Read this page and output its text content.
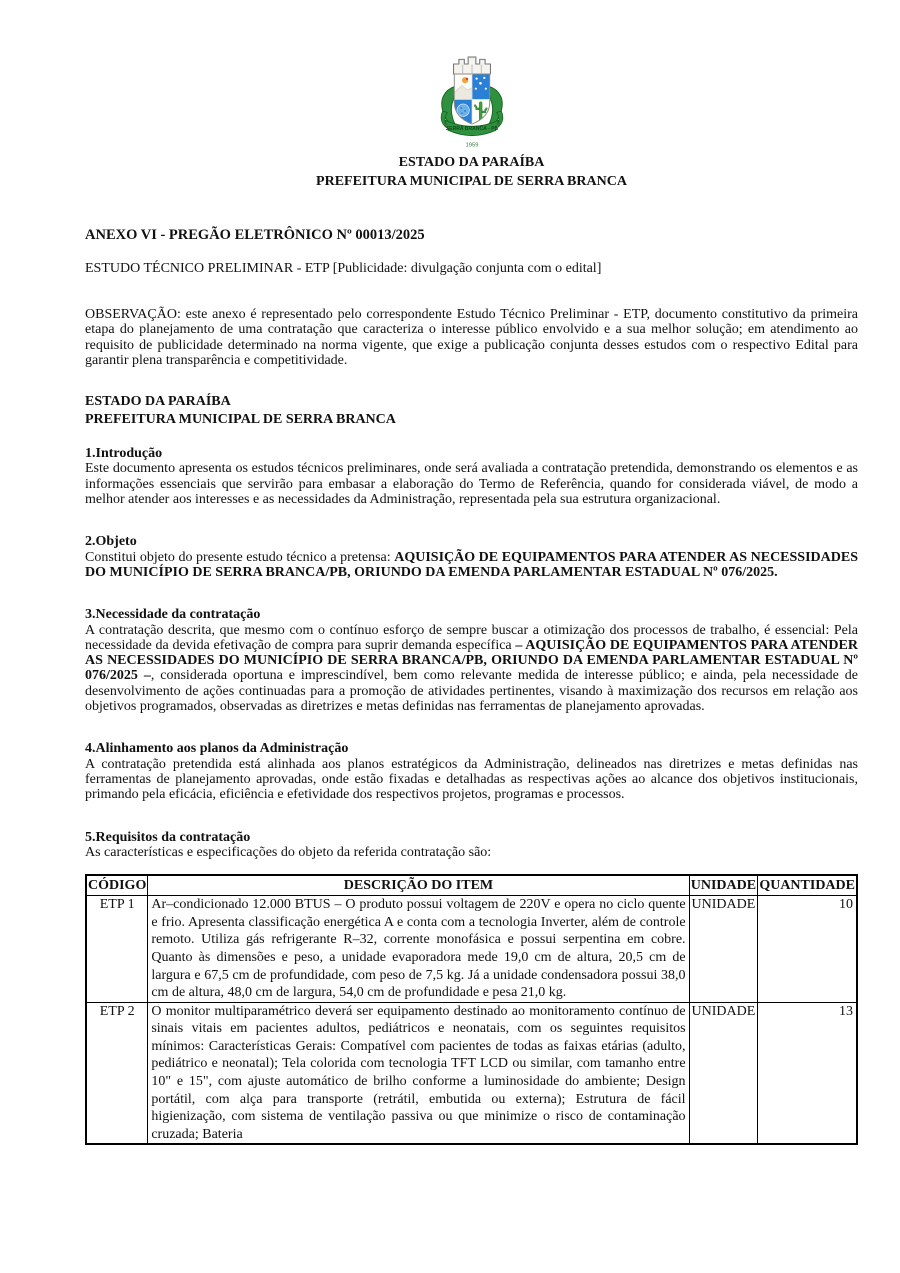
SERRA BRANCA - PB
1959
ESTADO DA PARAÍBA
PREFEITURA MUNICIPAL DE SERRA BRANCA
ANEXO VI - PREGÃO ELETRÔNICO Nº 00013/2025

ESTUDO TÉCNICO PRELIMINAR - ETP [Publicidade: divulgação conjunta com o edital]

OBSERVAÇÃO: este anexo é representado pelo correspondente Estudo Técnico Preliminar - ETP, documento constitutivo da primeira etapa do planejamento de uma contratação que caracteriza o interesse público envolvido e a sua melhor solução; em atendimento ao requisito de publicidade determinado na norma vigente, que exige a publicação conjunta desses estudos com o respectivo Edital para garantir plena transparência e competitividade.

ESTADO DA PARAÍBA
PREFEITURA MUNICIPAL DE SERRA BRANCA
1.Introdução

Este documento apresenta os estudos técnicos preliminares, onde será avaliada a contratação pretendida, demonstrando os elementos e as informações essenciais que servirão para embasar a elaboração do Termo de Referência, quando for considerada viável, de modo a melhor atender aos interesses e as necessidades da Administração, representada pela sua estrutura organizacional.

2.Objeto

Constitui objeto do presente estudo técnico a pretensa: AQUISIÇÃO DE EQUIPAMENTOS PARA ATENDER AS NECESSIDADES DO MUNICÍPIO DE SERRA BRANCA/PB, ORIUNDO DA EMENDA PARLAMENTAR ESTADUAL Nº 076/2025.

3.Necessidade da contratação

A contratação descrita, que mesmo com o contínuo esforço de sempre buscar a otimização dos processos de trabalho, é essencial: Pela necessidade da devida efetivação de compra para suprir demanda específica – AQUISIÇÃO DE EQUIPAMENTOS PARA ATENDER AS NECESSIDADES DO MUNICÍPIO DE SERRA BRANCA/PB, ORIUNDO DA EMENDA PARLAMENTAR ESTADUAL Nº 076/2025 –, considerada oportuna e imprescindível, bem como relevante medida de interesse público; e ainda, pela necessidade de desenvolvimento de ações continuadas para a promoção de atividades pertinentes, visando à maximização dos recursos em relação aos objetivos programados, observadas as diretrizes e metas definidas nas ferramentas de planejamento aprovadas.

4.Alinhamento aos planos da Administração

A contratação pretendida está alinhada aos planos estratégicos da Administração, delineados nas diretrizes e metas definidas nas ferramentas de planejamento aprovadas, onde estão fixadas e detalhadas as respectivas ações ao alcance dos objetivos institucionais, primando pela eficácia, eficiência e efetividade dos respectivos projetos, programas e processos.

5.Requisitos da contratação

As características e especificações do objeto da referida contratação são:

CÓDIGO	DESCRIÇÃO DO ITEM	UNIDADE	QUANTIDADE
ETP 1	Ar–condicionado 12.000 BTUS – O produto possui voltagem de 220V e opera no ciclo quente e frio. Apresenta classificação energética A e conta com a tecnologia Inverter, além de controle remoto. Utiliza gás refrigerante R–32, corrente monofásica e possui serpentina em cobre. Quanto às dimensões e peso, a unidade evaporadora mede 19,0 cm de altura, 20,5 cm de largura e 67,5 cm de profundidade, com peso de 7,5 kg. Já a unidade condensadora possui 38,0 cm de altura, 48,0 cm de largura, 54,0 cm de profundidade e pesa 21,0 kg.	UNIDADE	10
ETP 2	O monitor multiparamétrico deverá ser equipamento destinado ao monitoramento contínuo de sinais vitais em pacientes adultos, pediátricos e neonatais, com os seguintes requisitos mínimos: Características Gerais: Compatível com pacientes de todas as faixas etárias (adulto, pediátrico e neonatal); Tela colorida com tecnologia TFT LCD ou similar, com tamanho entre 10" e 15", com ajuste automático de brilho conforme a luminosidade do ambiente; Design portátil, com alça para transporte (retrátil, embutida ou externa); Estrutura de fácil higienização, com sistema de ventilação passiva ou que minimize o risco de contaminação cruzada; Bateria	UNIDADE	13
